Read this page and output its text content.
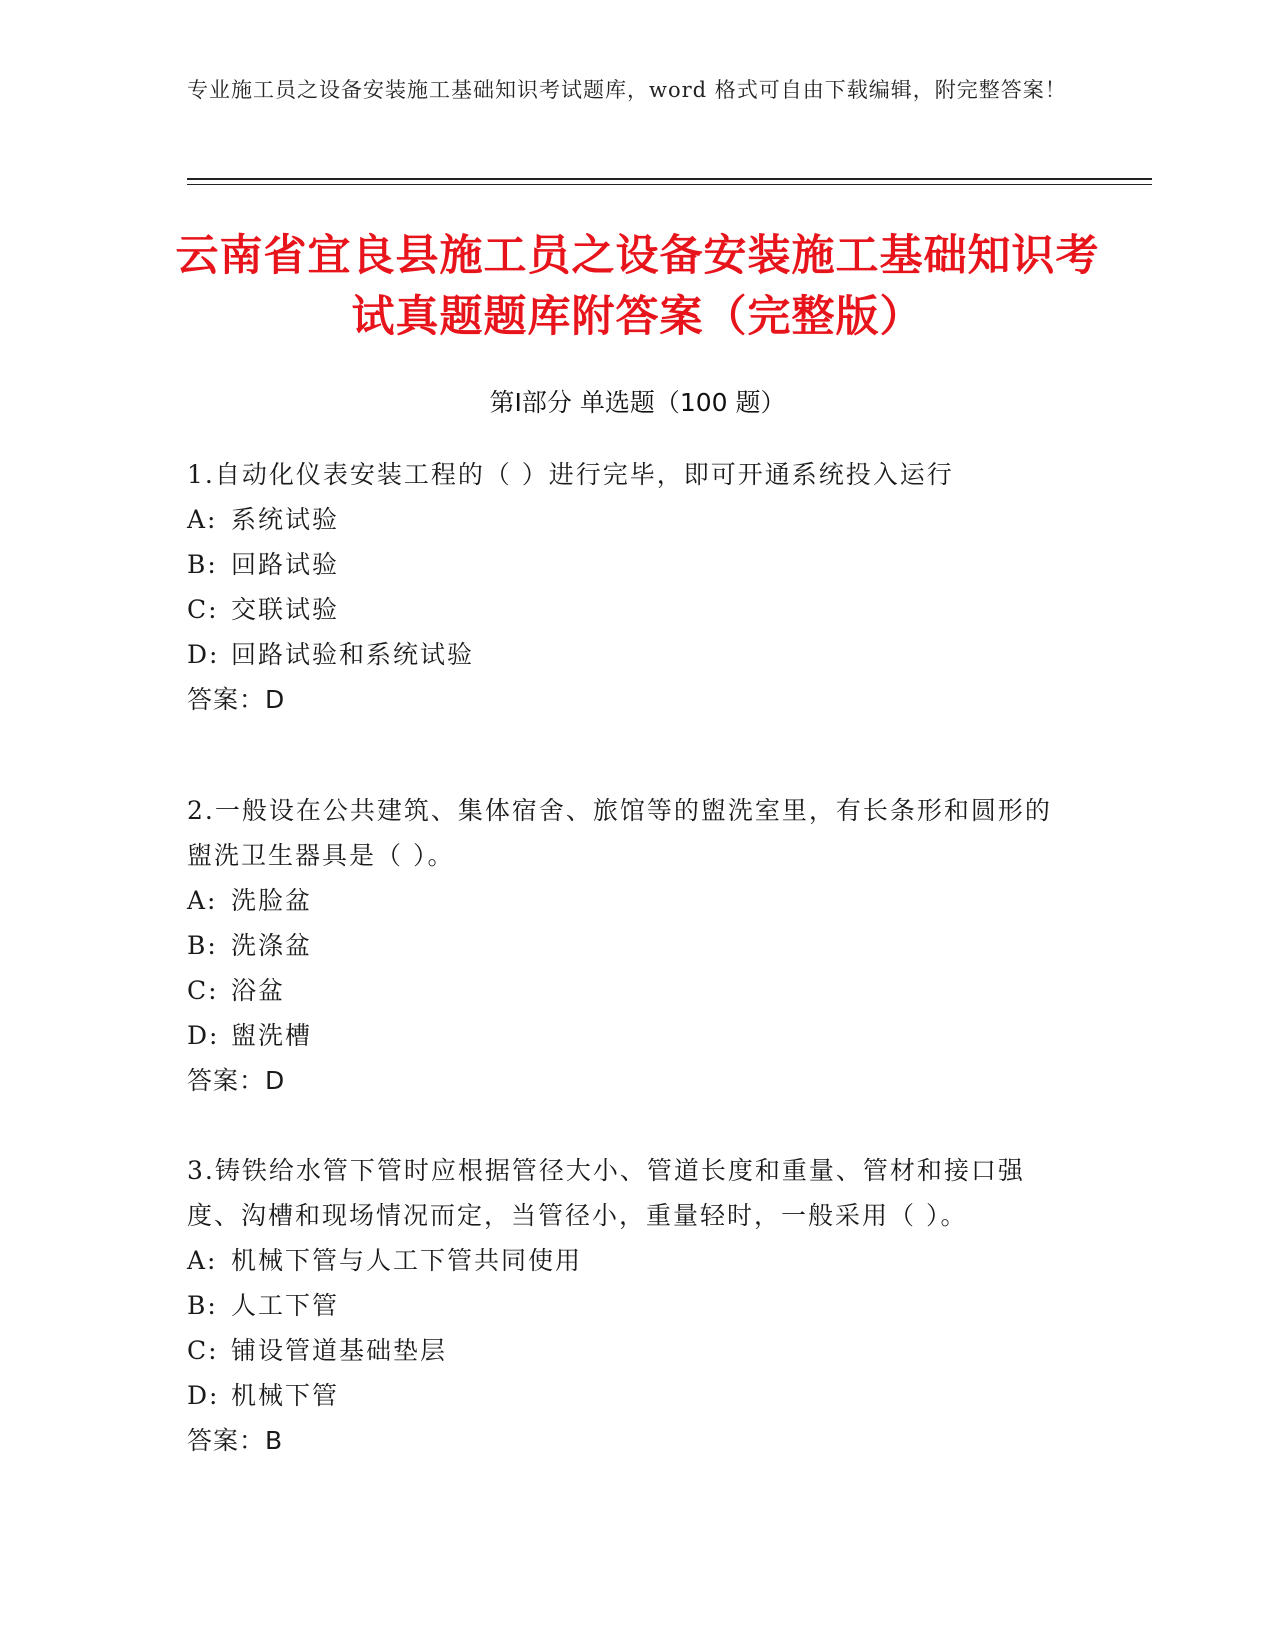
专业施工员之设备安装施工基础知识考试题库，word 格式可自由下载编辑，附完整答案！
云南省宜良县施工员之设备安装施工基础知识考试真题题库附答案（完整版）
第Ⅰ部分 单选题（100 题）

1.自动化仪表安装工程的（ ）进行完毕，即可开通系统投入运行

A: 系统试验

B: 回路试验

C: 交联试验

D: 回路试验和系统试验

答案：D

2.一般设在公共建筑、集体宿舍、旅馆等的盥洗室里，有长条形和圆形的盥洗卫生器具是（ ）。

A: 洗脸盆

B: 洗涤盆

C: 浴盆

D: 盥洗槽

答案：D

3.铸铁给水管下管时应根据管径大小、管道长度和重量、管材和接口强度、沟槽和现场情况而定，当管径小，重量轻时，一般采用（ ）。

A: 机械下管与人工下管共同使用

B: 人工下管

C: 铺设管道基础垫层

D: 机械下管

答案：B
